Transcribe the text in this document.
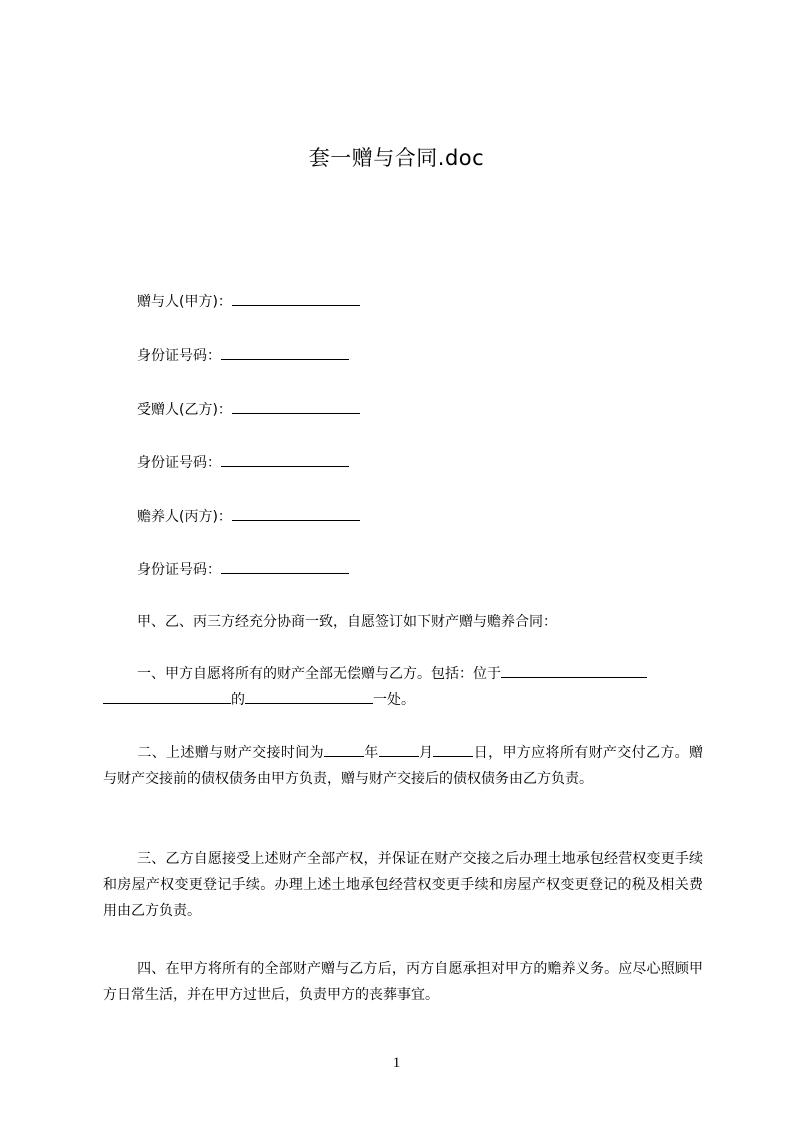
套一赠与合同.doc
赠与人(甲方)：
身份证号码：
受赠人(乙方)：
身份证号码：
赡养人(丙方)：
身份证号码：
甲、乙、丙三方经充分协商一致，自愿签订如下财产赠与赡养合同：
一、甲方自愿将所有的财产全部无偿赠与乙方。包括：位于
的	一处。
二、上述赠与财产交接时间为	年	月	日，甲方应将所有财产交付乙方。赠与财产交接前的债权债务由甲方负责，赠与财产交接后的债权债务由乙方负责。
三、乙方自愿接受上述财产全部产权，并保证在财产交接之后办理土地承包经营权变更手续和房屋产权变更登记手续。办理上述土地承包经营权变更手续和房屋产权变更登记的税及相关费用由乙方负责。
四、在甲方将所有的全部财产赠与乙方后，丙方自愿承担对甲方的赡养义务。应尽心照顾甲方日常生活，并在甲方过世后，负责甲方的丧葬事宜。
1
